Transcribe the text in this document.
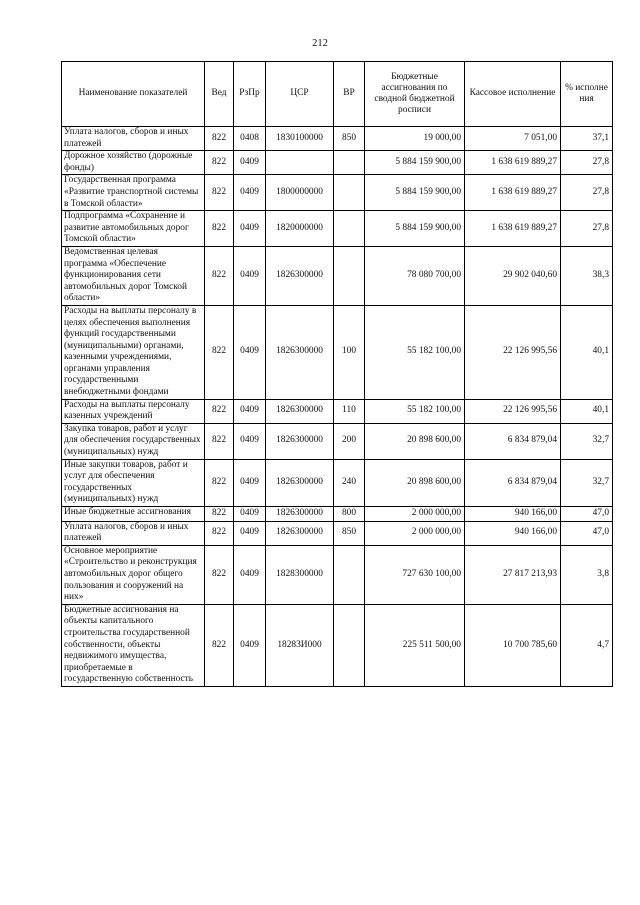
212
Наименование показателей	Вед	РзПр	ЦСР	ВР	Бюджетные ассигнования по сводной бюджетной росписи	Кассовое исполнение	% исполне ния
Уплата налогов, сборов и иных платежей	822	0408	1830100000	850	19 000,00	7 051,00	37,1
Дорожное хозяйство (дорожные фонды)	822	0409			5 884 159 900,00	1 638 619 889,27	27,8
Государственная программа «Развитие транспортной системы в Томской области»	822	0409	1800000000		5 884 159 900,00	1 638 619 889,27	27,8
Подпрограмма «Сохранение и развитие автомобильных дорог Томской области»	822	0409	1820000000		5 884 159 900,00	1 638 619 889,27	27,8
Ведомственная целевая программа «Обеспечение функционирования сети автомобильных дорог Томской области»	822	0409	1826300000		78 080 700,00	29 902 040,60	38,3
Расходы на выплаты персоналу в целях обеспечения выполнения функций государственными (муниципальными) органами, казенными учреждениями, органами управления государственными внебюджетными фондами	822	0409	1826300000	100	55 182 100,00	22 126 995,56	40,1
Расходы на выплаты персоналу казенных учреждений	822	0409	1826300000	110	55 182 100,00	22 126 995,56	40,1
Закупка товаров, работ и услуг для обеспечения государственных (муниципальных) нужд	822	0409	1826300000	200	20 898 600,00	6 834 879,04	32,7
Иные закупки товаров, работ и услуг для обеспечения государственных (муниципальных) нужд	822	0409	1826300000	240	20 898 600,00	6 834 879,04	32,7
Иные бюджетные ассигнования	822	0409	1826300000	800	2 000 000,00	940 166,00	47,0
Уплата налогов, сборов и иных платежей	822	0409	1826300000	850	2 000 000,00	940 166,00	47,0
Основное мероприятие «Строительство и реконструкция автомобильных дорог общего пользования и сооружений на них»	822	0409	1828300000		727 630 100,00	27 817 213,93	3,8
Бюджетные ассигнования на объекты капитального строительства государственной собственности, объекты недвижимого имущества, приобретаемые в государственную собственность	822	0409	18283И000		225 511 500,00	10 700 785,60	4,7
